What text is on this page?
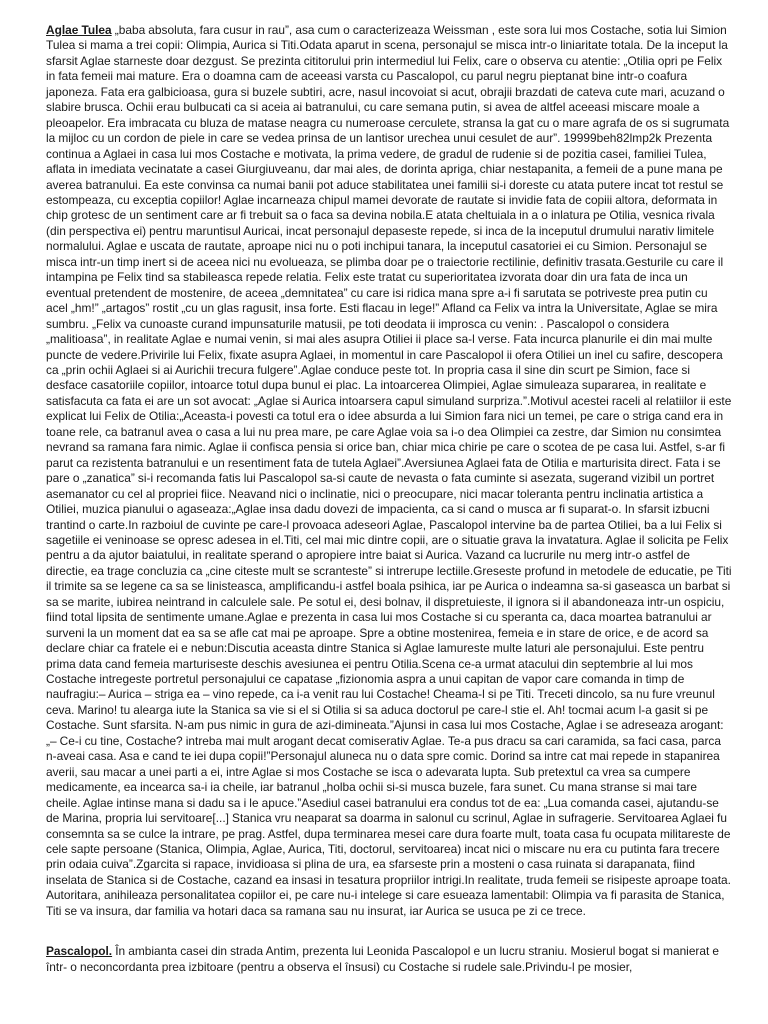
Aglae Tulea „baba absoluta, fara cusur in rau”, asa cum o caracterizeaza Weissman , este sora lui mos Costache, sotia lui Simion Tulea si mama a trei copii: Olimpia, Aurica si Titi.Odata aparut in scena, personajul se misca intr-o liniaritate totala. De la inceput la sfarsit Aglae starneste doar dezgust. Se prezinta cititorului prin intermediul lui Felix, care o observa cu atentie: „Otilia opri pe Felix in fata femeii mai mature. Era o doamna cam de aceeasi varsta cu Pascalopol, cu parul negru pieptanat bine intr-o coafura japoneza. Fata era galbicioasa, gura si buzele subtiri, acre, nasul incovoiat si acut, obrajii brazdati de cateva cute mari, acuzand o slabire brusca. Ochii erau bulbucati ca si aceia ai batranului, cu care semana putin, si avea de altfel aceeasi miscare moale a pleoapelor. Era imbracata cu bluza de matase neagra cu numeroase cerculete, stransa la gat cu o mare agrafa de os si sugrumata la mijloc cu un cordon de piele in care se vedea prinsa de un lantisor urechea unui cesulet de aur”. 19999beh82lmp2k Prezenta continua a Aglaei in casa lui mos Costache e motivata, la prima vedere, de gradul de rudenie si de pozitia casei, familiei Tulea, aflata in imediata vecinatate a casei Giurgiuveanu, dar mai ales, de dorinta apriga, chiar nestapanita, a femeii de a pune mana pe averea batranului. Ea este convinsa ca numai banii pot aduce stabilitatea unei familii si-i doreste cu atata putere incat tot restul se estompeaza, cu exceptia copiilor! Aglae incarneaza chipul mamei devorate de rautate si invidie fata de copiii altora, deformata in chip grotesc de un sentiment care ar fi trebuit sa o faca sa devina nobila.E atata cheltuiala in a o inlatura pe Otilia, vesnica rivala (din perspectiva ei) pentru maruntisul Auricai, incat personajul depaseste repede, si inca de la inceputul drumului narativ limitele normalului. Aglae e uscata de rautate, aproape nici nu o poti inchipui tanara, la inceputul casatoriei ei cu Simion. Personajul se misca intr-un timp inert si de aceea nici nu evolueaza, se plimba doar pe o traiectorie rectilinie, definitiv trasata.Gesturile cu care il intampina pe Felix tind sa stabileasca repede relatia. Felix este tratat cu superioritatea izvorata doar din ura fata de inca un eventual pretendent de mostenire, de aceea „demnitatea” cu care isi ridica mana spre a-i fi sarutata se potriveste prea putin cu acel „hm!” „artagos” rostit „cu un glas ragusit, insa forte. Esti flacau in lege!” Afland ca Felix va intra la Universitate, Aglae se mira sumbru. „Felix va cunoaste curand impunsaturile matusii, pe toti deodata ii improsca cu venin: . Pascalopol o considera „malitioasa”, in realitate Aglae e numai venin, si mai ales asupra Otiliei ii place sa-l verse. Fata incurca planurile ei din mai multe puncte de vedere.Privirile lui Felix, fixate asupra Aglaei, in momentul in care Pascalopol ii ofera Otiliei un inel cu safire, descopera ca „prin ochii Aglaei si ai Aurichii trecura fulgere”.Aglae conduce peste tot. In propria casa il sine din scurt pe Simion, face si desface casatoriile copiilor, intoarce totul dupa bunul ei plac. La intoarcerea Olimpiei, Aglae simuleaza supararea, in realitate e satisfacuta ca fata ei are un sot avocat: „Aglae si Aurica intoarsera capul simuland surpriza.”.Motivul acestei raceli al relatiilor ii este explicat lui Felix de Otilia:„Aceasta-i povesti ca totul era o idee absurda a lui Simion fara nici un temei, pe care o striga cand era in toane rele, ca batranul avea o casa a lui nu prea mare, pe care Aglae voia sa i-o dea Olimpiei ca zestre, dar Simion nu consimtea nevrand sa ramana fara nimic. Aglae ii confisca pensia si orice ban, chiar mica chirie pe care o scotea de pe casa lui. Astfel, s-ar fi parut ca rezistenta batranului e un resentiment fata de tutela Aglaei”.Aversiunea Aglaei fata de Otilia e marturisita direct. Fata i se pare o „zanatica” si-i recomanda fatis lui Pascalopol sa-si caute de nevasta o fata cuminte si asezata, sugerand vizibil un portret asemanator cu cel al propriei fiice. Neavand nici o inclinatie, nici o preocupare, nici macar toleranta pentru inclinatia artistica a Otiliei, muzica pianului o agaseaza:„Aglae insa dadu dovezi de impacienta, ca si cand o musca ar fi suparat-o. In sfarsit izbucni trantind o carte.In razboiul de cuvinte pe care-l provoaca adeseori Aglae, Pascalopol intervine ba de partea Otiliei, ba a lui Felix si sagetiile ei veninoase se opresc adesea in el.Titi, cel mai mic dintre copii, are o situatie grava la invatatura. Aglae il solicita pe Felix pentru a da ajutor baiatului, in realitate sperand o apropiere intre baiat si Aurica. Vazand ca lucrurile nu merg intr-o astfel de directie, ea trage concluzia ca „cine citeste mult se scranteste” si intrerupe lectiile.Greseste profund in metodele de educatie, pe Titi il trimite sa se legene ca sa se linisteasca, amplificandu-i astfel boala psihica, iar pe Aurica o indeamna sa-si gaseasca un barbat si sa se marite, iubirea neintrand in calculele sale. Pe sotul ei, desi bolnav, il dispretuieste, il ignora si il abandoneaza intr-un ospiciu, fiind total lipsita de sentimente umane.Aglae e prezenta in casa lui mos Costache si cu speranta ca, daca moartea batranului ar surveni la un moment dat ea sa se afle cat mai pe aproape. Spre a obtine mostenirea, femeia e in stare de orice, e de acord sa declare chiar ca fratele ei e nebun:Discutia aceasta dintre Stanica si Aglae lamureste multe laturi ale personajului. Este pentru prima data cand femeia marturiseste deschis avesiunea ei pentru Otilia.Scena ce-a urmat atacului din septembrie al lui mos Costache intregeste portretul personajului ce capatase „fizionomia aspra a unui capitan de vapor care comanda in timp de naufragiu:– Aurica – striga ea – vino repede, ca i-a venit rau lui Costache! Cheama-l si pe Titi. Treceti dincolo, sa nu fure vreunul ceva. Marino! tu alearga iute la Stanica sa vie si el si Otilia si sa aduca doctorul pe care-l stie el. Ah! tocmai acum l-a gasit si pe Costache. Sunt sfarsita. N-am pus nimic in gura de azi-dimineata.”Ajunsi in casa lui mos Costache, Aglae i se adreseaza arogant:„– Ce-i cu tine, Costache? intreba mai mult arogant decat comiserativ Aglae. Te-a pus dracu sa cari caramida, sa faci casa, parca n-aveai casa. Asa e cand te iei dupa copii!”Personajul aluneca nu o data spre comic. Dorind sa intre cat mai repede in stapanirea averii, sau macar a unei parti a ei, intre Aglae si mos Costache se isca o adevarata lupta. Sub pretextul ca vrea sa cumpere medicamente, ea incearca sa-i ia cheile, iar batranul „holba ochii si-si musca buzele, fara sunet. Cu mana stranse si mai tare cheile. Aglae intinse mana si dadu sa i le apuce.”Asediul casei batranului era condus tot de ea: „Lua comanda casei, ajutandu-se de Marina, propria lui servitoare[...] Stanica vru neaparat sa doarma in salonul cu scrinul, Aglae in sufragerie. Servitoarea Aglaei fu consemnta sa se culce la intrare, pe prag. Astfel, dupa terminarea mesei care dura foarte mult, toata casa fu ocupata militareste de cele sapte persoane (Stanica, Olimpia, Aglae, Aurica, Titi, doctorul, servitoarea) incat nici o miscare nu era cu putinta fara trecere prin odaia cuiva”.Zgarcita si rapace, invidioasa si plina de ura, ea sfarseste prin a mosteni o casa ruinata si darapanata, fiind inselata de Stanica si de Costache, cazand ea insasi in tesatura propriilor intrigi.In realitate, truda femeii se risipeste aproape toata. Autoritara, anihileaza personalitatea copiilor ei, pe care nu-i intelege si care esueaza lamentabil: Olimpia va fi parasita de Stanica, Titi se va insura, dar familia va hotari daca sa ramana sau nu insurat, iar Aurica se usuca pe zi ce trece.

Pascalopol. În ambianta casei din strada Antim, prezenta lui Leonida Pascalopol e un lucru straniu. Mosierul bogat si manierat e într- o neconcordanta prea izbitoare (pentru a observa el însusi) cu Costache si rudele sale.Privindu-l pe mosier,
